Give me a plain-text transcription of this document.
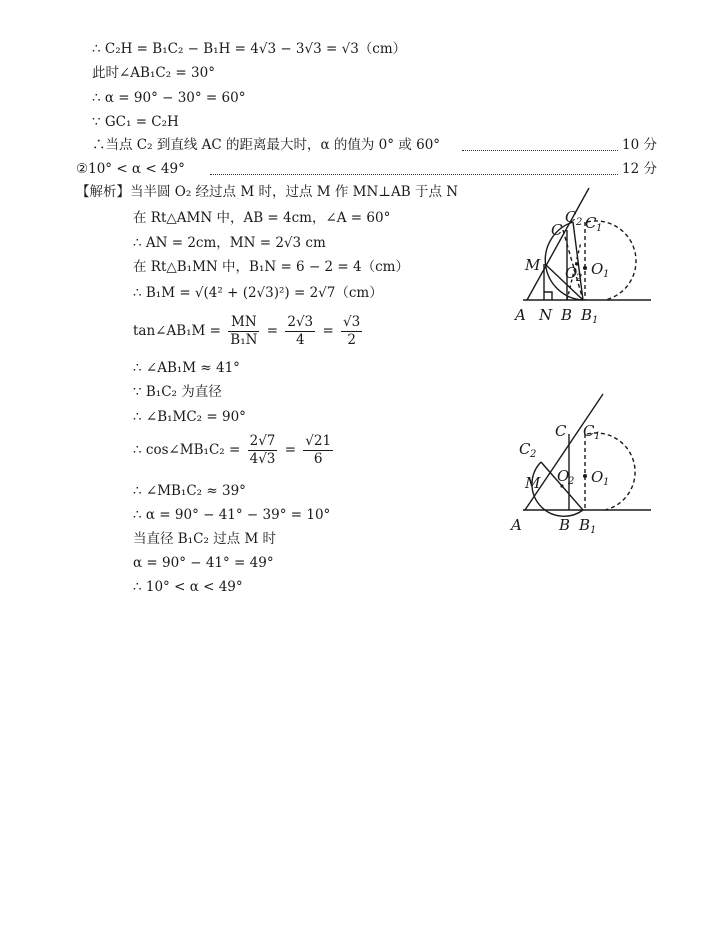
∴ C₂H = B₁C₂ − B₁H = 4√3 − 3√3 = √3（cm）
此时∠AB₁C₂ = 30°
∴ α = 90° − 30° = 60°
∵ GC₁ = C₂H
∴当点 C₂ 到直线 AC 的距离最大时，α 的值为 0° 或 60°	10 分
②10° < α < 49°	12 分
【解析】当半圆 O₂ 经过点 M 时，过点 M 作 MN⊥AB 于点 N
在 Rt△AMN 中，AB = 4cm，∠A = 60°
∴ AN = 2cm，MN = 2√3 cm
在 Rt△B₁MN 中，B₁N = 6 − 2 = 4（cm）
∴ B₁M = √(4² + (2√3)²) = 2√7（cm）
tan∠AB₁M = $\frac{MN}{\text{B₁N}} = \frac{2√3}{4} = \frac{√3}{2}$
∴ ∠AB₁M ≈ 41°
∵ B₁C₂ 为直径
∴ ∠B₁MC₂ = 90°
∴ cos∠MB₁C₂ = $\frac{2√7}{4√3} = \frac{√21}{6}$
∴ ∠MB₁C₂ ≈ 39°
∴ α = 90° − 41° − 39° = 10°
当直径 B₁C₂ 过点 M 时
α = 90° − 41° = 49°
∴ 10° < α < 49°
A N B B 1
M
C
C 2 C 1
O
2
O 1
A B B 1
M
C C 1
C 2
O
2 O 1
